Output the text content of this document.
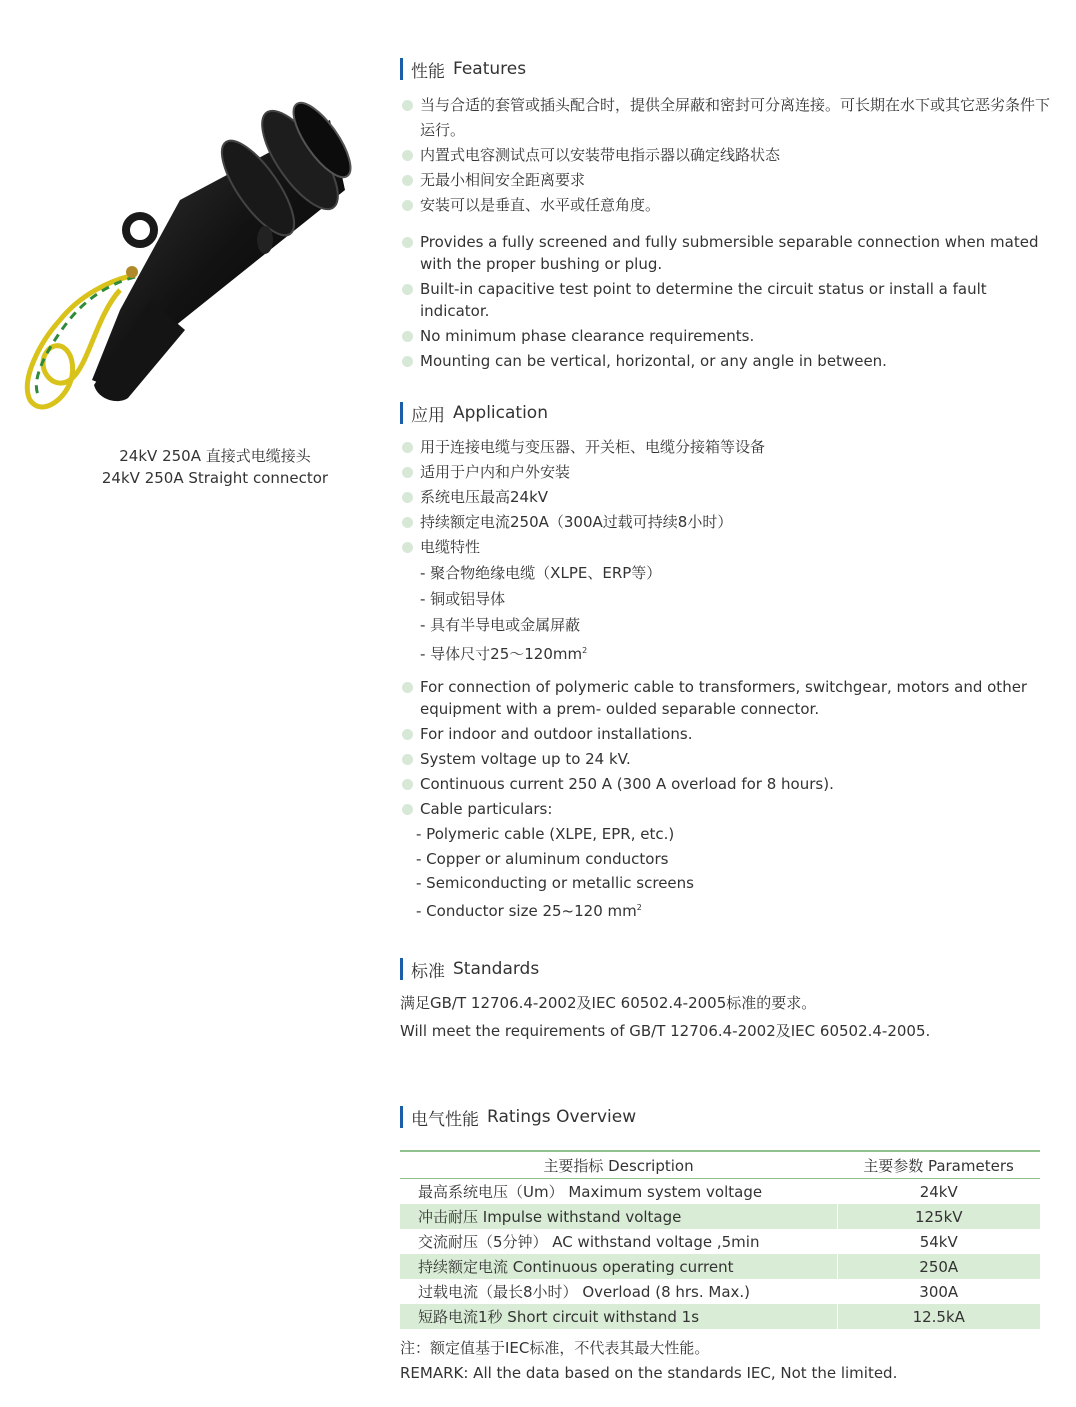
24kV 250A 直接式电缆接头
24kV 250A Straight connector
性能 Features
当与合适的套管或插头配合时，提供全屏蔽和密封可分离连接。可长期在水下或其它恶劣条件下运行。
内置式电容测试点可以安装带电指示器以确定线路状态
无最小相间安全距离要求
安装可以是垂直、水平或任意角度。
Provides a fully screened and fully submersible separable connection when mated with the proper bushing or plug.
Built-in capacitive test point to determine the circuit status or install a fault indicator.
No minimum phase clearance requirements.
Mounting can be vertical, horizontal, or any angle in between.
应用 Application
用于连接电缆与变压器、开关柜、电缆分接箱等设备
适用于户内和户外安装
系统电压最高24kV
持续额定电流250A（300A过载可持续8小时）
电缆特性
- 聚合物绝缘电缆（XLPE、ERP等）
- 铜或铝导体
- 具有半导电或金属屏蔽
- 导体尺寸$25\sim 120mm^2$
For connection of polymeric cable to transformers, switchgear, motors and other equipment with a prem- oulded separable connector.
For indoor and outdoor installations.
System voltage up to 24 kV.
Continuous current 250 A (300 A overload for 8 hours).
Cable particulars:
- Polymeric cable (XLPE, EPR, etc.)
- Copper or aluminum conductors
- Semiconducting or metallic screens
- Conductor size 25~120 $mm^2$
标准 Standards
满足GB/T 12706.4-2002及IEC 60502.4-2005标准的要求。
Will meet the requirements of GB/T 12706.4-2002及IEC 60502.4-2005.
电气性能 Ratings Overview
主要指标 Description	主要参数 Parameters
最高系统电压（Um） Maximum system voltage	24kV
冲击耐压 Impulse withstand voltage	125kV
交流耐压（5分钟） AC withstand voltage ,5min	54kV
持续额定电流 Continuous operating current	250A
过载电流（最长8小时） Overload (8 hrs. Max.)	300A
短路电流1秒 Short circuit withstand 1s	12.5kA
注：额定值基于IEC标准，不代表其最大性能。
REMARK: All the data based on the standards IEC, Not the limited.
